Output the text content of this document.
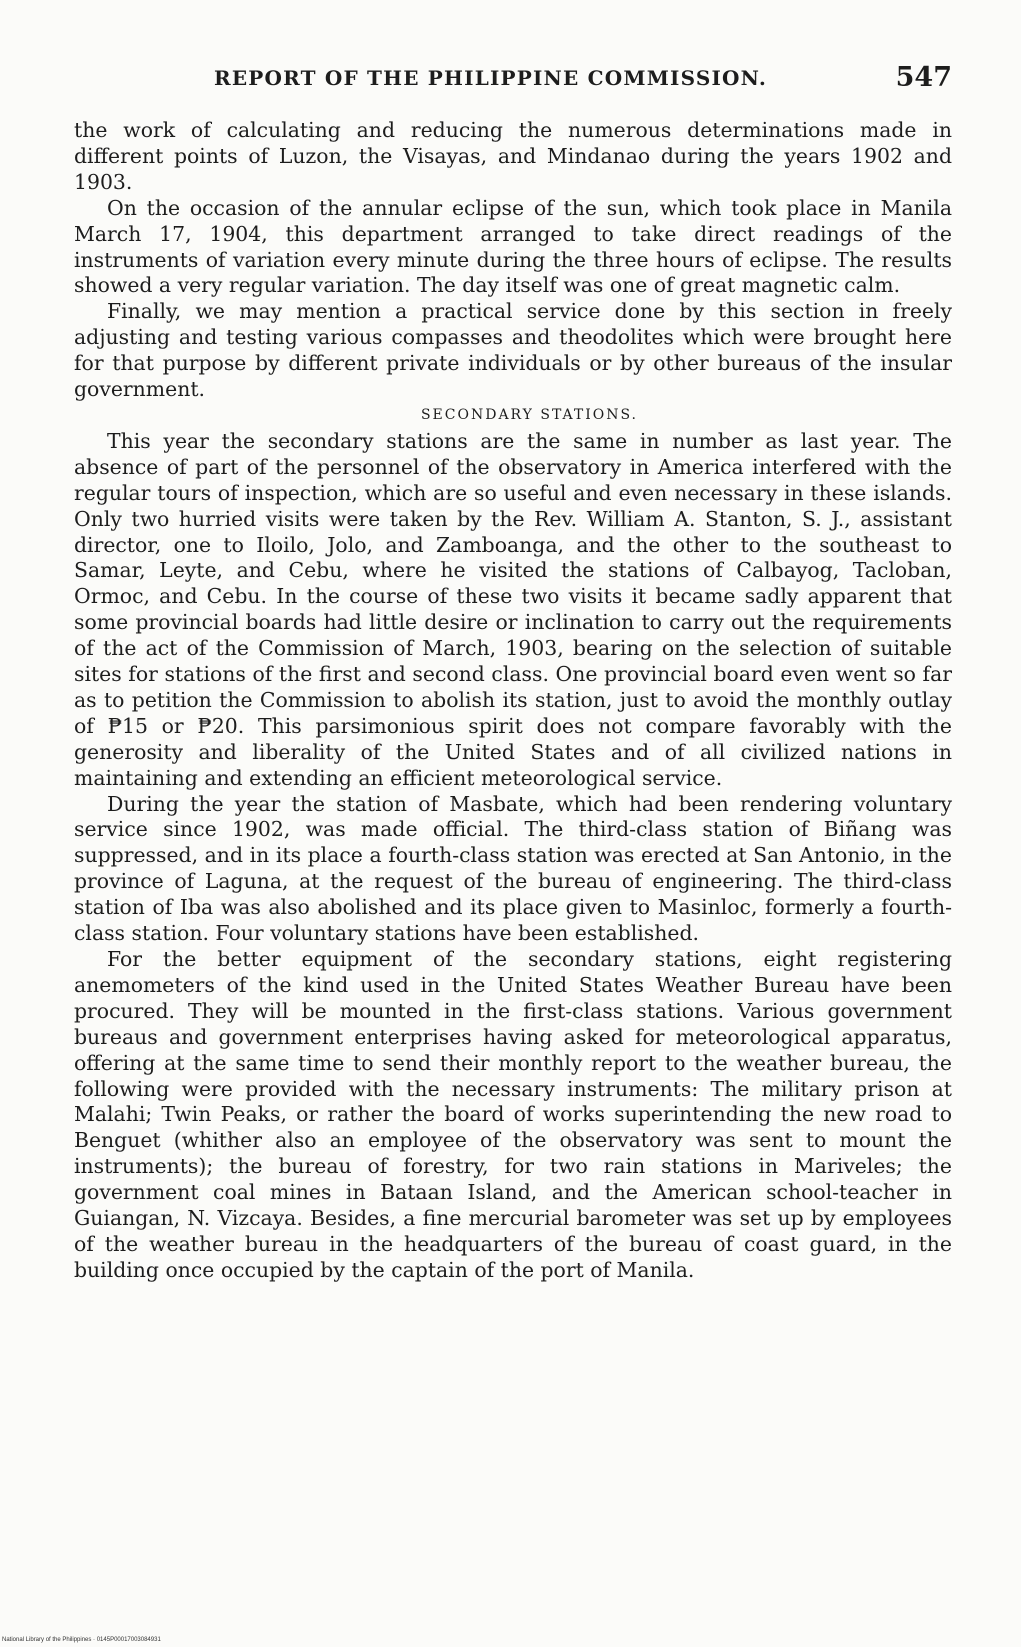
REPORT OF THE PHILIPPINE COMMISSION.	547

the work of calculating and reducing the numerous determinations made in different points of Luzon, the Visayas, and Mindanao during the years 1902 and 1903.

On the occasion of the annular eclipse of the sun, which took place in Manila March 17, 1904, this department arranged to take direct readings of the instruments of variation every minute during the three hours of eclipse. The results showed a very regular variation. The day itself was one of great magnetic calm.

Finally, we may mention a practical service done by this section in freely adjusting and testing various compasses and theodolites which were brought here for that purpose by different private individuals or by other bureaus of the insular government.

SECONDARY STATIONS.

This year the secondary stations are the same in number as last year. The absence of part of the personnel of the observatory in America interfered with the regular tours of inspection, which are so useful and even necessary in these islands. Only two hurried visits were taken by the Rev. William A. Stanton, S. J., assistant director, one to Iloilo, Jolo, and Zamboanga, and the other to the southeast to Samar, Leyte, and Cebu, where he visited the stations of Calbayog, Tacloban, Ormoc, and Cebu. In the course of these two visits it became sadly apparent that some provincial boards had little desire or inclination to carry out the requirements of the act of the Commission of March, 1903, bearing on the selection of suitable sites for stations of the first and second class. One provincial board even went so far as to petition the Commission to abolish its station, just to avoid the monthly outlay of ₱15 or ₱20. This parsimonious spirit does not compare favorably with the generosity and liberality of the United States and of all civilized nations in maintaining and extending an efficient meteorological service.

During the year the station of Masbate, which had been rendering voluntary service since 1902, was made official. The third-class station of Biñang was suppressed, and in its place a fourth-class station was erected at San Antonio, in the province of Laguna, at the request of the bureau of engineering. The third-class station of Iba was also abolished and its place given to Masinloc, formerly a fourth-class station. Four voluntary stations have been established.

For the better equipment of the secondary stations, eight registering anemometers of the kind used in the United States Weather Bureau have been procured. They will be mounted in the first-class stations. Various government bureaus and government enterprises having asked for meteorological apparatus, offering at the same time to send their monthly report to the weather bureau, the following were provided with the necessary instruments: The military prison at Malahi; Twin Peaks, or rather the board of works superintending the new road to Benguet (whither also an employee of the observatory was sent to mount the instruments); the bureau of forestry, for two rain stations in Mariveles; the government coal mines in Bataan Island, and the American school-teacher in Guiangan, N. Vizcaya. Besides, a fine mercurial barometer was set up by employees of the weather bureau in the headquarters of the bureau of coast guard, in the building once occupied by the captain of the port of Manila.

National Library of the Philippines · 0145P00017003084931
